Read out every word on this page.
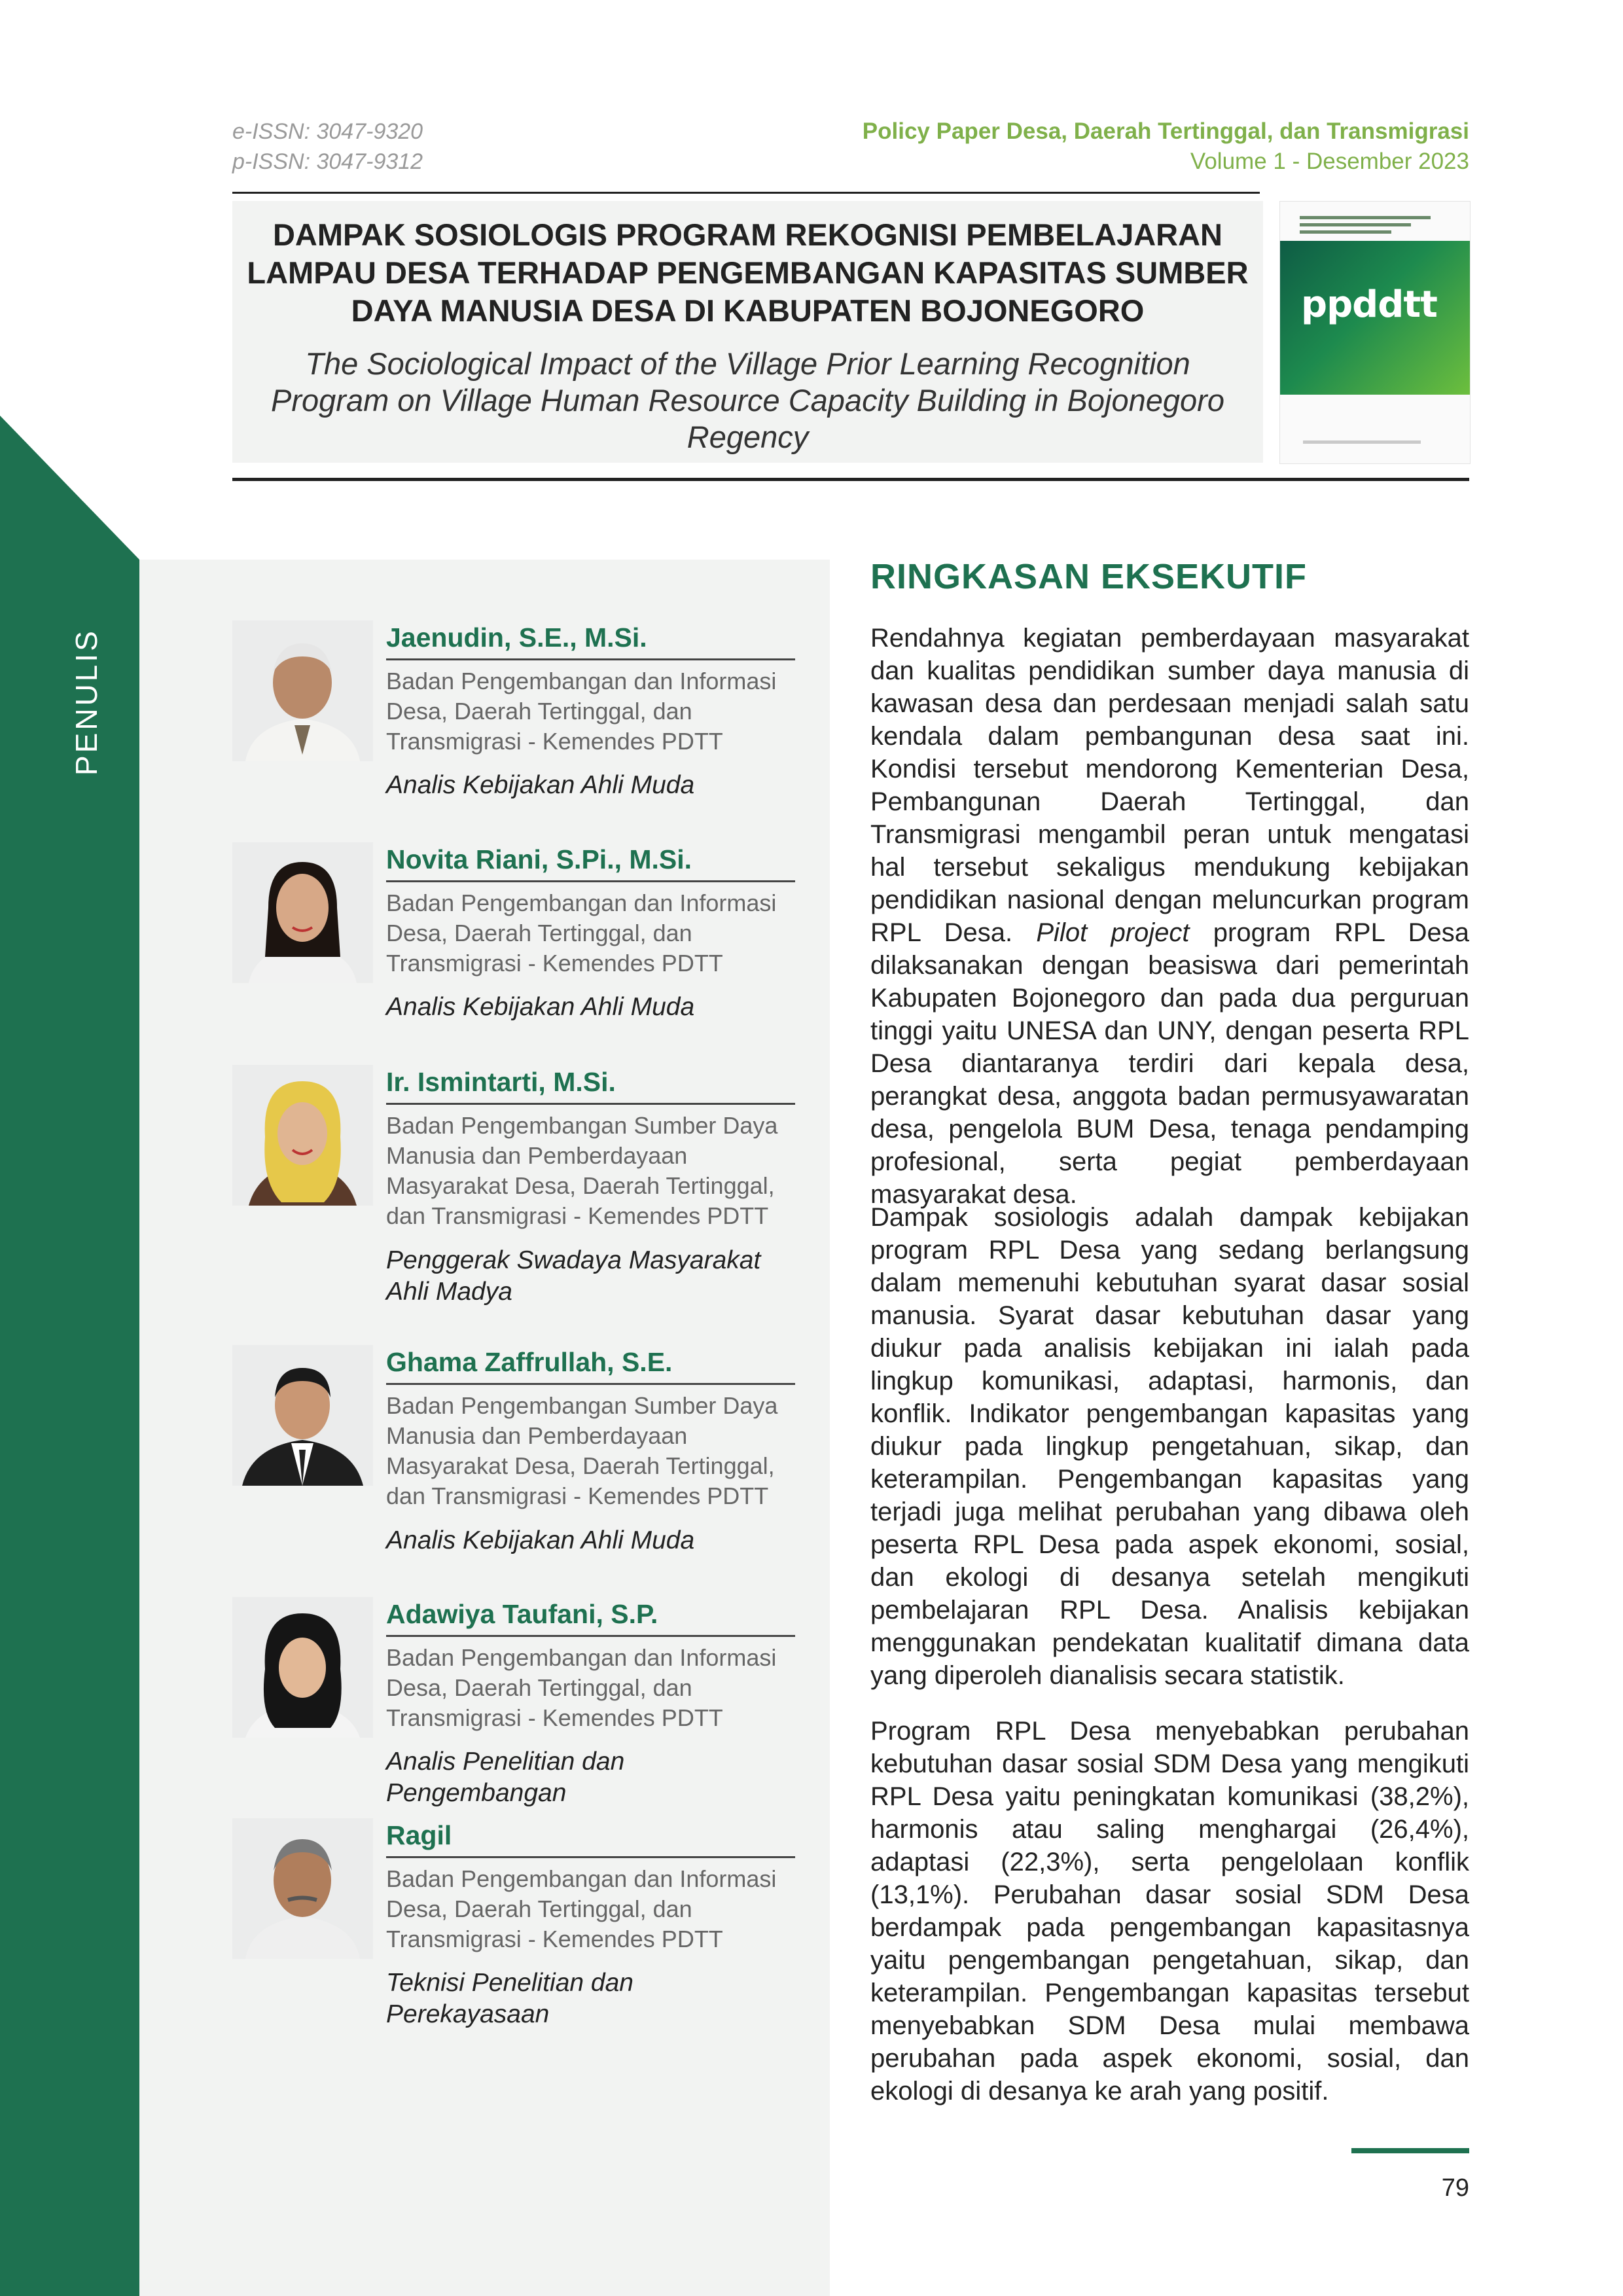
e-ISSN: 3047-9320
p-ISSN: 3047-9312
Policy Paper Desa, Daerah Tertinggal, dan Transmigrasi
Volume 1 - Desember 2023
DAMPAK SOSIOLOGIS PROGRAM REKOGNISI PEMBELAJARAN LAMPAU DESA TERHADAP PENGEMBANGAN KAPASITAS SUMBER DAYA MANUSIA DESA DI KABUPATEN BOJONEGORO
The Sociological Impact of the Village Prior Learning Recognition Program on Village Human Resource Capacity Building in Bojonegoro Regency
ppddtt
PENULIS	Jaenudin, S.E., M.Si.
Badan Pengembangan dan Informasi Desa, Daerah Tertinggal, dan Transmigrasi - Kemendes PDTT
Analis Kebijakan Ahli Muda
Novita Riani, S.Pi., M.Si.
Badan Pengembangan dan Informasi Desa, Daerah Tertinggal, dan Transmigrasi - Kemendes PDTT
Analis Kebijakan Ahli Muda
Ir. Ismintarti, M.Si.
Badan Pengembangan Sumber Daya Manusia dan Pemberdayaan Masyarakat Desa, Daerah Tertinggal, dan Transmigrasi - Kemendes PDTT
Penggerak Swadaya Masyarakat Ahli Madya
Ghama Zaffrullah, S.E.
Badan Pengembangan Sumber Daya Manusia dan Pemberdayaan Masyarakat Desa, Daerah Tertinggal, dan Transmigrasi - Kemendes PDTT
Analis Kebijakan Ahli Muda
Adawiya Taufani, S.P.
Badan Pengembangan dan Informasi Desa, Daerah Tertinggal, dan Transmigrasi - Kemendes PDTT
Analis Penelitian dan Pengembangan
Ragil
Badan Pengembangan dan Informasi Desa, Daerah Tertinggal, dan Transmigrasi - Kemendes PDTT
Teknisi Penelitian dan Perekayasaan
RINGKASAN EKSEKUTIF

Rendahnya kegiatan pemberdayaan masyarakat dan kualitas pendidikan sumber daya manusia di kawasan desa dan perdesaan menjadi salah satu kendala dalam pembangunan desa saat ini. Kondisi tersebut mendorong Kementerian Desa, Pembangunan Daerah Tertinggal, dan Transmigrasi mengambil peran untuk mengatasi hal tersebut sekaligus mendukung kebijakan pendidikan nasional dengan meluncurkan program RPL Desa. Pilot project program RPL Desa dilaksanakan dengan beasiswa dari pemerintah Kabupaten Bojonegoro dan pada dua perguruan tinggi yaitu UNESA dan UNY, dengan peserta RPL Desa diantaranya terdiri dari kepala desa, perangkat desa, anggota badan permusyawaratan desa, pengelola BUM Desa, tenaga pendamping profesional, serta pegiat pemberdayaan masyarakat desa.

Dampak sosiologis adalah dampak kebijakan program RPL Desa yang sedang berlangsung dalam memenuhi kebutuhan syarat dasar sosial manusia. Syarat dasar kebutuhan dasar yang diukur pada analisis kebijakan ini ialah pada lingkup komunikasi, adaptasi, harmonis, dan konflik. Indikator pengembangan kapasitas yang diukur pada lingkup pengetahuan, sikap, dan keterampilan. Pengembangan kapasitas yang terjadi juga melihat perubahan yang dibawa oleh peserta RPL Desa pada aspek ekonomi, sosial, dan ekologi di desanya setelah mengikuti pembelajaran RPL Desa. Analisis kebijakan menggunakan pendekatan kualitatif dimana data yang diperoleh dianalisis secara statistik.

Program RPL Desa menyebabkan perubahan kebutuhan dasar sosial SDM Desa yang mengikuti RPL Desa yaitu peningkatan komunikasi (38,2%), harmonis atau saling menghargai (26,4%), adaptasi (22,3%), serta pengelolaan konflik (13,1%). Perubahan dasar sosial SDM Desa berdampak pada pengembangan kapasitasnya yaitu pengembangan pengetahuan, sikap, dan keterampilan. Pengembangan kapasitas tersebut menyebabkan SDM Desa mulai membawa perubahan pada aspek ekonomi, sosial, dan ekologi di desanya ke arah yang positif.

79
